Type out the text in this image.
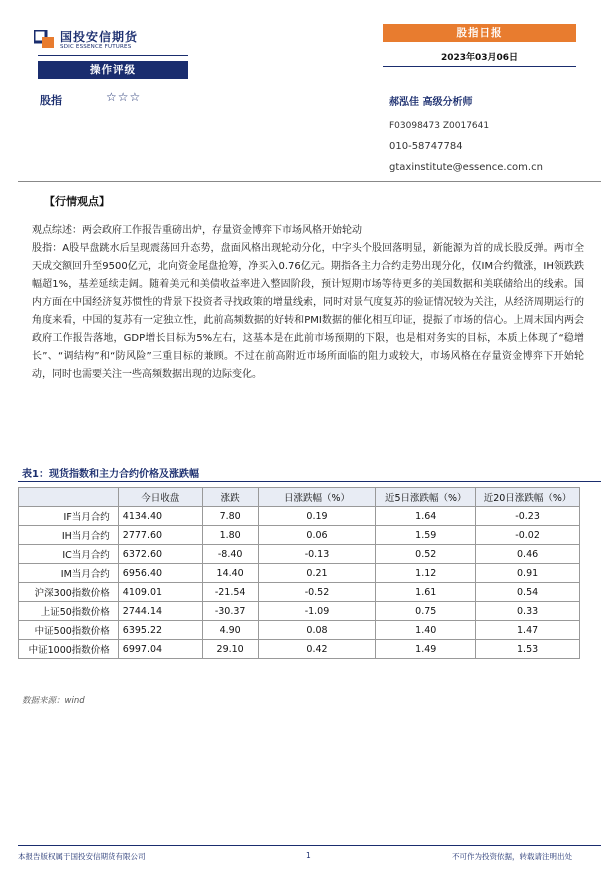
国投安信期货
SDIC ESSENCE FUTURES
股指日报
2023年03月06日
操作评级
股指	☆☆☆	郝泓佳 高级分析师
F03098473 Z0017641
010-58747784
gtaxinstitute@essence.com.cn
【行情观点】
观点综述：两会政府工作报告重磅出炉，存量资金博弈下市场风格开始轮动
股指：A股早盘跳水后呈现震荡回升态势，盘面风格出现轮动分化，中字头个股回落明显，新能源为首的成长股反弹。两市全天成交额回升至9500亿元，北向资金尾盘抢筹，净买入0.76亿元。期指各主力合约走势出现分化，仅IM合约微涨，IH领跌跌幅超1%，基差延续走阔。随着美元和美债收益率进入整固阶段，预计短期市场等待更多的美国数据和美联储给出的线索。国内方面在中国经济复苏惯性的背景下投资者寻找政策的增量线索，同时对景气度复苏的验证情况较为关注，从经济周期运行的角度来看，中国的复苏有一定独立性，此前高频数据的好转和PMI数据的催化相互印证，提振了市场的信心。上周末国内两会政府工作报告落地，GDP增长目标为5%左右，这基本是在此前市场预期的下限，也是相对务实的目标，本质上体现了“稳增长”、“调结构”和“防风险”三重目标的兼顾。不过在前高附近市场所面临的阻力或较大，市场风格在存量资金博弈下开始轮动，同时也需要关注一些高频数据出现的边际变化。
表1：现货指数和主力合约价格及涨跌幅
	今日收盘	涨跌	日涨跌幅（%）	近5日涨跌幅（%）	近20日涨跌幅（%）
IF当月合约	4134.40	7.80	0.19	1.64	-0.23
IH当月合约	2777.60	1.80	0.06	1.59	-0.02
IC当月合约	6372.60	-8.40	-0.13	0.52	0.46
IM当月合约	6956.40	14.40	0.21	1.12	0.91
沪深300指数价格	4109.01	-21.54	-0.52	1.61	0.54
上证50指数价格	2744.14	-30.37	-1.09	0.75	0.33
中证500指数价格	6395.22	4.90	0.08	1.40	1.47
中证1000指数价格	6997.04	29.10	0.42	1.49	1.53
数据来源：wind
本报告版权属于国投安信期货有限公司	1	不可作为投资依据，转载请注明出处
